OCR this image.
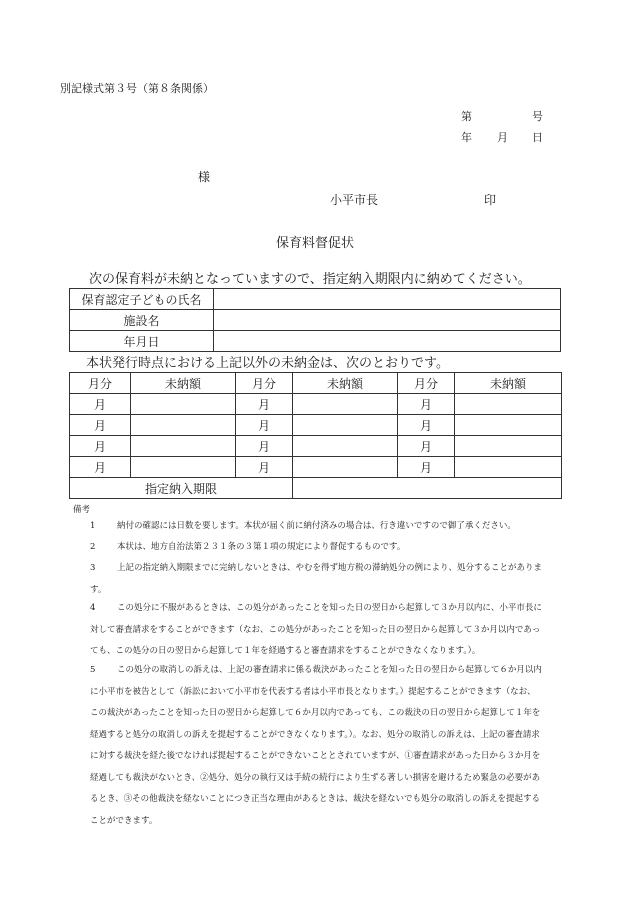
別記様式第３号（第８条関係）
第	号
年 月 日
様
小平市長	印
保育料督促状
次の保育料が未納となっていますので、指定納入期限内に納めてください。
保育認定子どもの氏名	
施設名	
年月日	
本状発行時点における上記以外の未納金は、次のとおりです。
月分	未納額	月分	未納額	月分	未納額
月		月		月	
月		月		月	
月		月		月	
月		月		月	
指定納入期限					
備考
1	納付の確認には日数を要します。本状が届く前に納付済みの場合は、行き違いですので御了承ください。
2	本状は、地方自治法第２３１条の３第１項の規定により督促するものです。
3	上記の指定納入期限までに完納しないときは、やむを得ず地方税の滞納処分の例により、処分することがあります。
4	この処分に不服があるときは、この処分があったことを知った日の翌日から起算して３か月以内に、小平市長に対して審査請求をすることができます（なお、この処分があったことを知った日の翌日から起算して３か月以内であっても、この処分の日の翌日から起算して１年を経過すると審査請求をすることができなくなります。）。
5	この処分の取消しの訴えは、上記の審査請求に係る裁決があったことを知った日の翌日から起算して６か月以内に小平市を被告として（訴訟において小平市を代表する者は小平市長となります。）提起することができます（なお、この裁決があったことを知った日の翌日から起算して６か月以内であっても、この裁決の日の翌日から起算して１年を経過すると処分の取消しの訴えを提起することができなくなります。）。なお、処分の取消しの訴えは、上記の審査請求に対する裁決を経た後でなければ提起することができないこととされていますが、①審査請求があった日から３か月を経過しても裁決がないとき、②処分、処分の執行又は手続の続行により生ずる著しい損害を避けるため緊急の必要があるとき、③その他裁決を経ないことにつき正当な理由があるときは、裁決を経ないでも処分の取消しの訴えを提起することができます。
